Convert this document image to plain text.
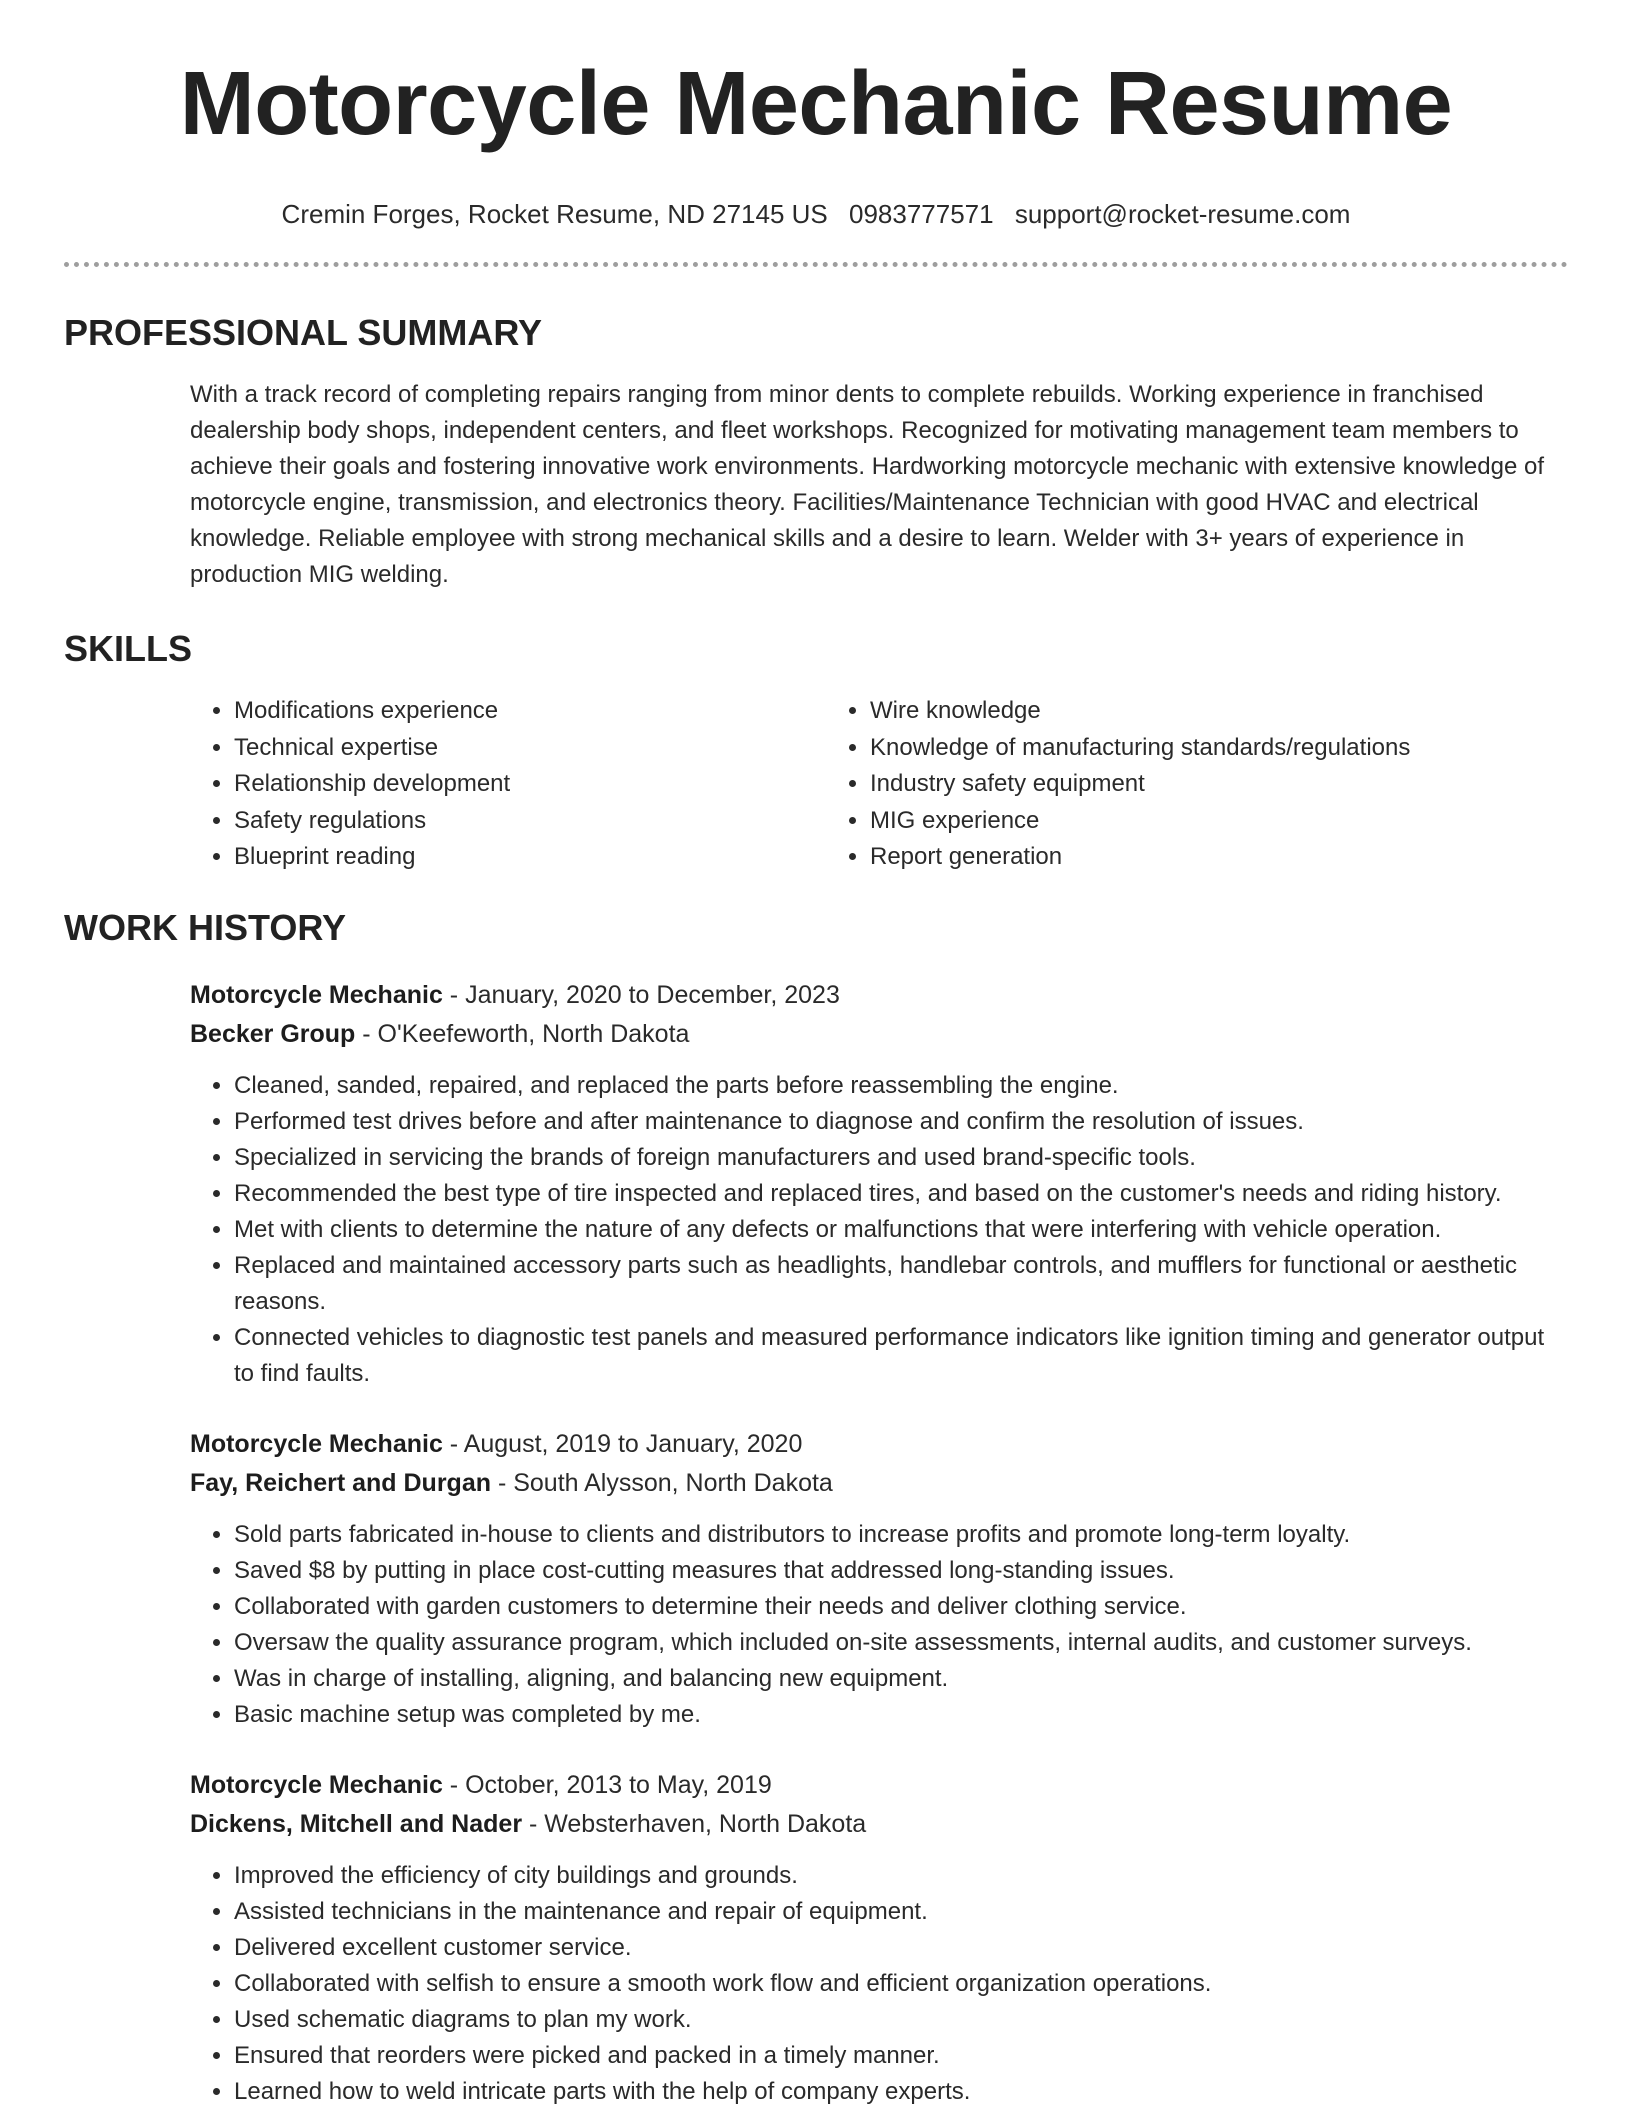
Motorcycle Mechanic Resume
Cremin Forges, Rocket Resume, ND 27145 US 0983777571 support@rocket-resume.com
PROFESSIONAL SUMMARY

With a track record of completing repairs ranging from minor dents to complete rebuilds. Working experience in franchised dealership body shops, independent centers, and fleet workshops. Recognized for motivating management team members to achieve their goals and fostering innovative work environments. Hardworking motorcycle mechanic with extensive knowledge of motorcycle engine, transmission, and electronics theory. Facilities/Maintenance Technician with good HVAC and electrical knowledge. Reliable employee with strong mechanical skills and a desire to learn. Welder with 3+ years of experience in production MIG welding.

SKILLS
• Modifications experience
• Technical expertise
• Relationship development
• Safety regulations
• Blueprint reading
• Wire knowledge
• Knowledge of manufacturing standards/regulations
• Industry safety equipment
• MIG experience
• Report generation
WORK HISTORY
Motorcycle Mechanic - January, 2020 to December, 2023
Becker Group - O'Keefeworth, North Dakota
• Cleaned, sanded, repaired, and replaced the parts before reassembling the engine.
• Performed test drives before and after maintenance to diagnose and confirm the resolution of issues.
• Specialized in servicing the brands of foreign manufacturers and used brand-specific tools.
• Recommended the best type of tire inspected and replaced tires, and based on the customer's needs and riding history.
• Met with clients to determine the nature of any defects or malfunctions that were interfering with vehicle operation.
• Replaced and maintained accessory parts such as headlights, handlebar controls, and mufflers for functional or aesthetic reasons.
• Connected vehicles to diagnostic test panels and measured performance indicators like ignition timing and generator output to find faults.
Motorcycle Mechanic - August, 2019 to January, 2020
Fay, Reichert and Durgan - South Alysson, North Dakota
• Sold parts fabricated in-house to clients and distributors to increase profits and promote long-term loyalty.
• Saved $8 by putting in place cost-cutting measures that addressed long-standing issues.
• Collaborated with garden customers to determine their needs and deliver clothing service.
• Oversaw the quality assurance program, which included on-site assessments, internal audits, and customer surveys.
• Was in charge of installing, aligning, and balancing new equipment.
• Basic machine setup was completed by me.
Motorcycle Mechanic - October, 2013 to May, 2019
Dickens, Mitchell and Nader - Websterhaven, North Dakota
• Improved the efficiency of city buildings and grounds.
• Assisted technicians in the maintenance and repair of equipment.
• Delivered excellent customer service.
• Collaborated with selfish to ensure a smooth work flow and efficient organization operations.
• Used schematic diagrams to plan my work.
• Ensured that reorders were picked and packed in a timely manner.
• Learned how to weld intricate parts with the help of company experts.
